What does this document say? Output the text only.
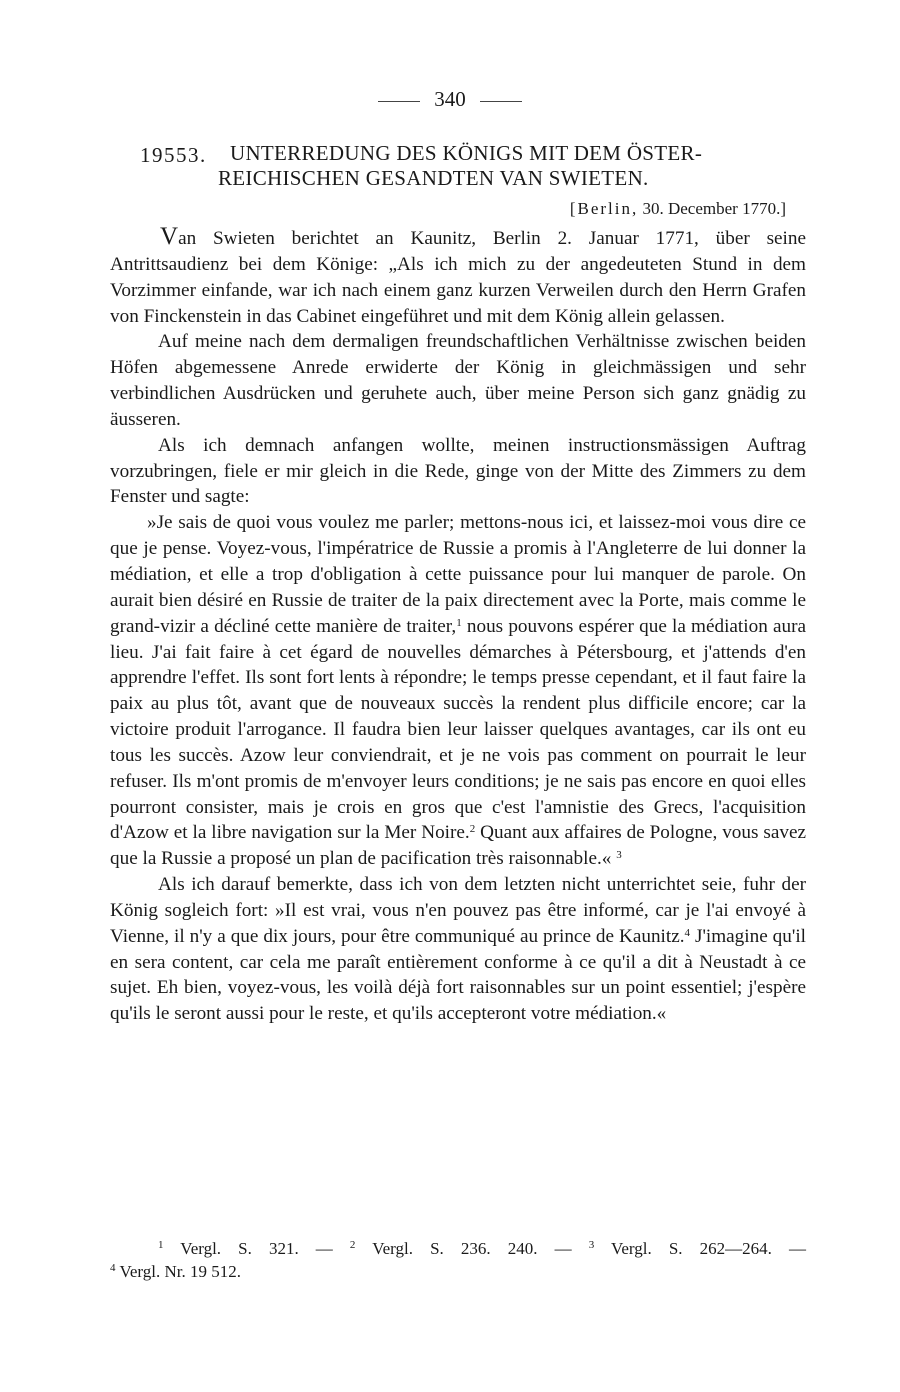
340
19553. UNTERREDUNG DES KÖNIGS MIT DEM ÖSTER-
REICHISCHEN GESANDTEN VAN SWIETEN.
[Berlin, 30. December 1770.]

Van Swieten berichtet an Kaunitz, Berlin 2. Januar 1771, über seine Antrittsaudienz bei dem Könige: „Als ich mich zu der angedeuteten Stund in dem Vorzimmer einfande, war ich nach einem ganz kurzen Verweilen durch den Herrn Grafen von Finckenstein in das Cabinet eingeführet und mit dem König allein gelassen.

Auf meine nach dem dermaligen freundschaftlichen Verhältnisse zwischen beiden Höfen abgemessene Anrede erwiderte der König in gleichmässigen und sehr verbindlichen Ausdrücken und geruhete auch, über meine Person sich ganz gnädig zu äusseren.

Als ich demnach anfangen wollte, meinen instructionsmässigen Auftrag vorzubringen, fiele er mir gleich in die Rede, ginge von der Mitte des Zimmers zu dem Fenster und sagte:

»Je sais de quoi vous voulez me parler; mettons-nous ici, et laissez-moi vous dire ce que je pense. Voyez-vous, l'impératrice de Russie a promis à l'Angleterre de lui donner la médiation, et elle a trop d'obligation à cette puissance pour lui manquer de parole. On aurait bien désiré en Russie de traiter de la paix directement avec la Porte, mais comme le grand-vizir a décliné cette manière de traiter,$^1$ nous pouvons espérer que la médiation aura lieu. J'ai fait faire à cet égard de nouvelles démarches à Pétersbourg, et j'attends d'en apprendre l'effet. Ils sont fort lents à répondre; le temps presse cependant, et il faut faire la paix au plus tôt, avant que de nouveaux succès la rendent plus difficile encore; car la victoire produit l'arrogance. Il faudra bien leur laisser quelques avantages, car ils ont eu tous les succès. Azow leur conviendrait, et je ne vois pas comment on pourrait le leur refuser. Ils m'ont promis de m'envoyer leurs conditions; je ne sais pas encore en quoi elles pourront consister, mais je crois en gros que c'est l'amnistie des Grecs, l'acquisition d'Azow et la libre navigation sur la Mer Noire.$^2$ Quant aux affaires de Pologne, vous savez que la Russie a proposé un plan de pacification très raisonnable.« $^3$

Als ich darauf bemerkte, dass ich von dem letzten nicht unterrichtet seie, fuhr der König sogleich fort: »Il est vrai, vous n'en pouvez pas être informé, car je l'ai envoyé à Vienne, il n'y a que dix jours, pour être communiqué au prince de Kaunitz.$^4$ J'imagine qu'il en sera content, car cela me paraît entièrement conforme à ce qu'il a dit à Neustadt à ce sujet. Eh bien, voyez-vous, les voilà déjà fort raisonnables sur un point essentiel; j'espère qu'ils le seront aussi pour le reste, et qu'ils accepteront votre médiation.«

$^1$ Vergl. S. 321. — $^2$ Vergl. S. 236. 240. — $^3$ Vergl. S. 262—264. —
$^4$ Vergl. Nr. 19 512.
